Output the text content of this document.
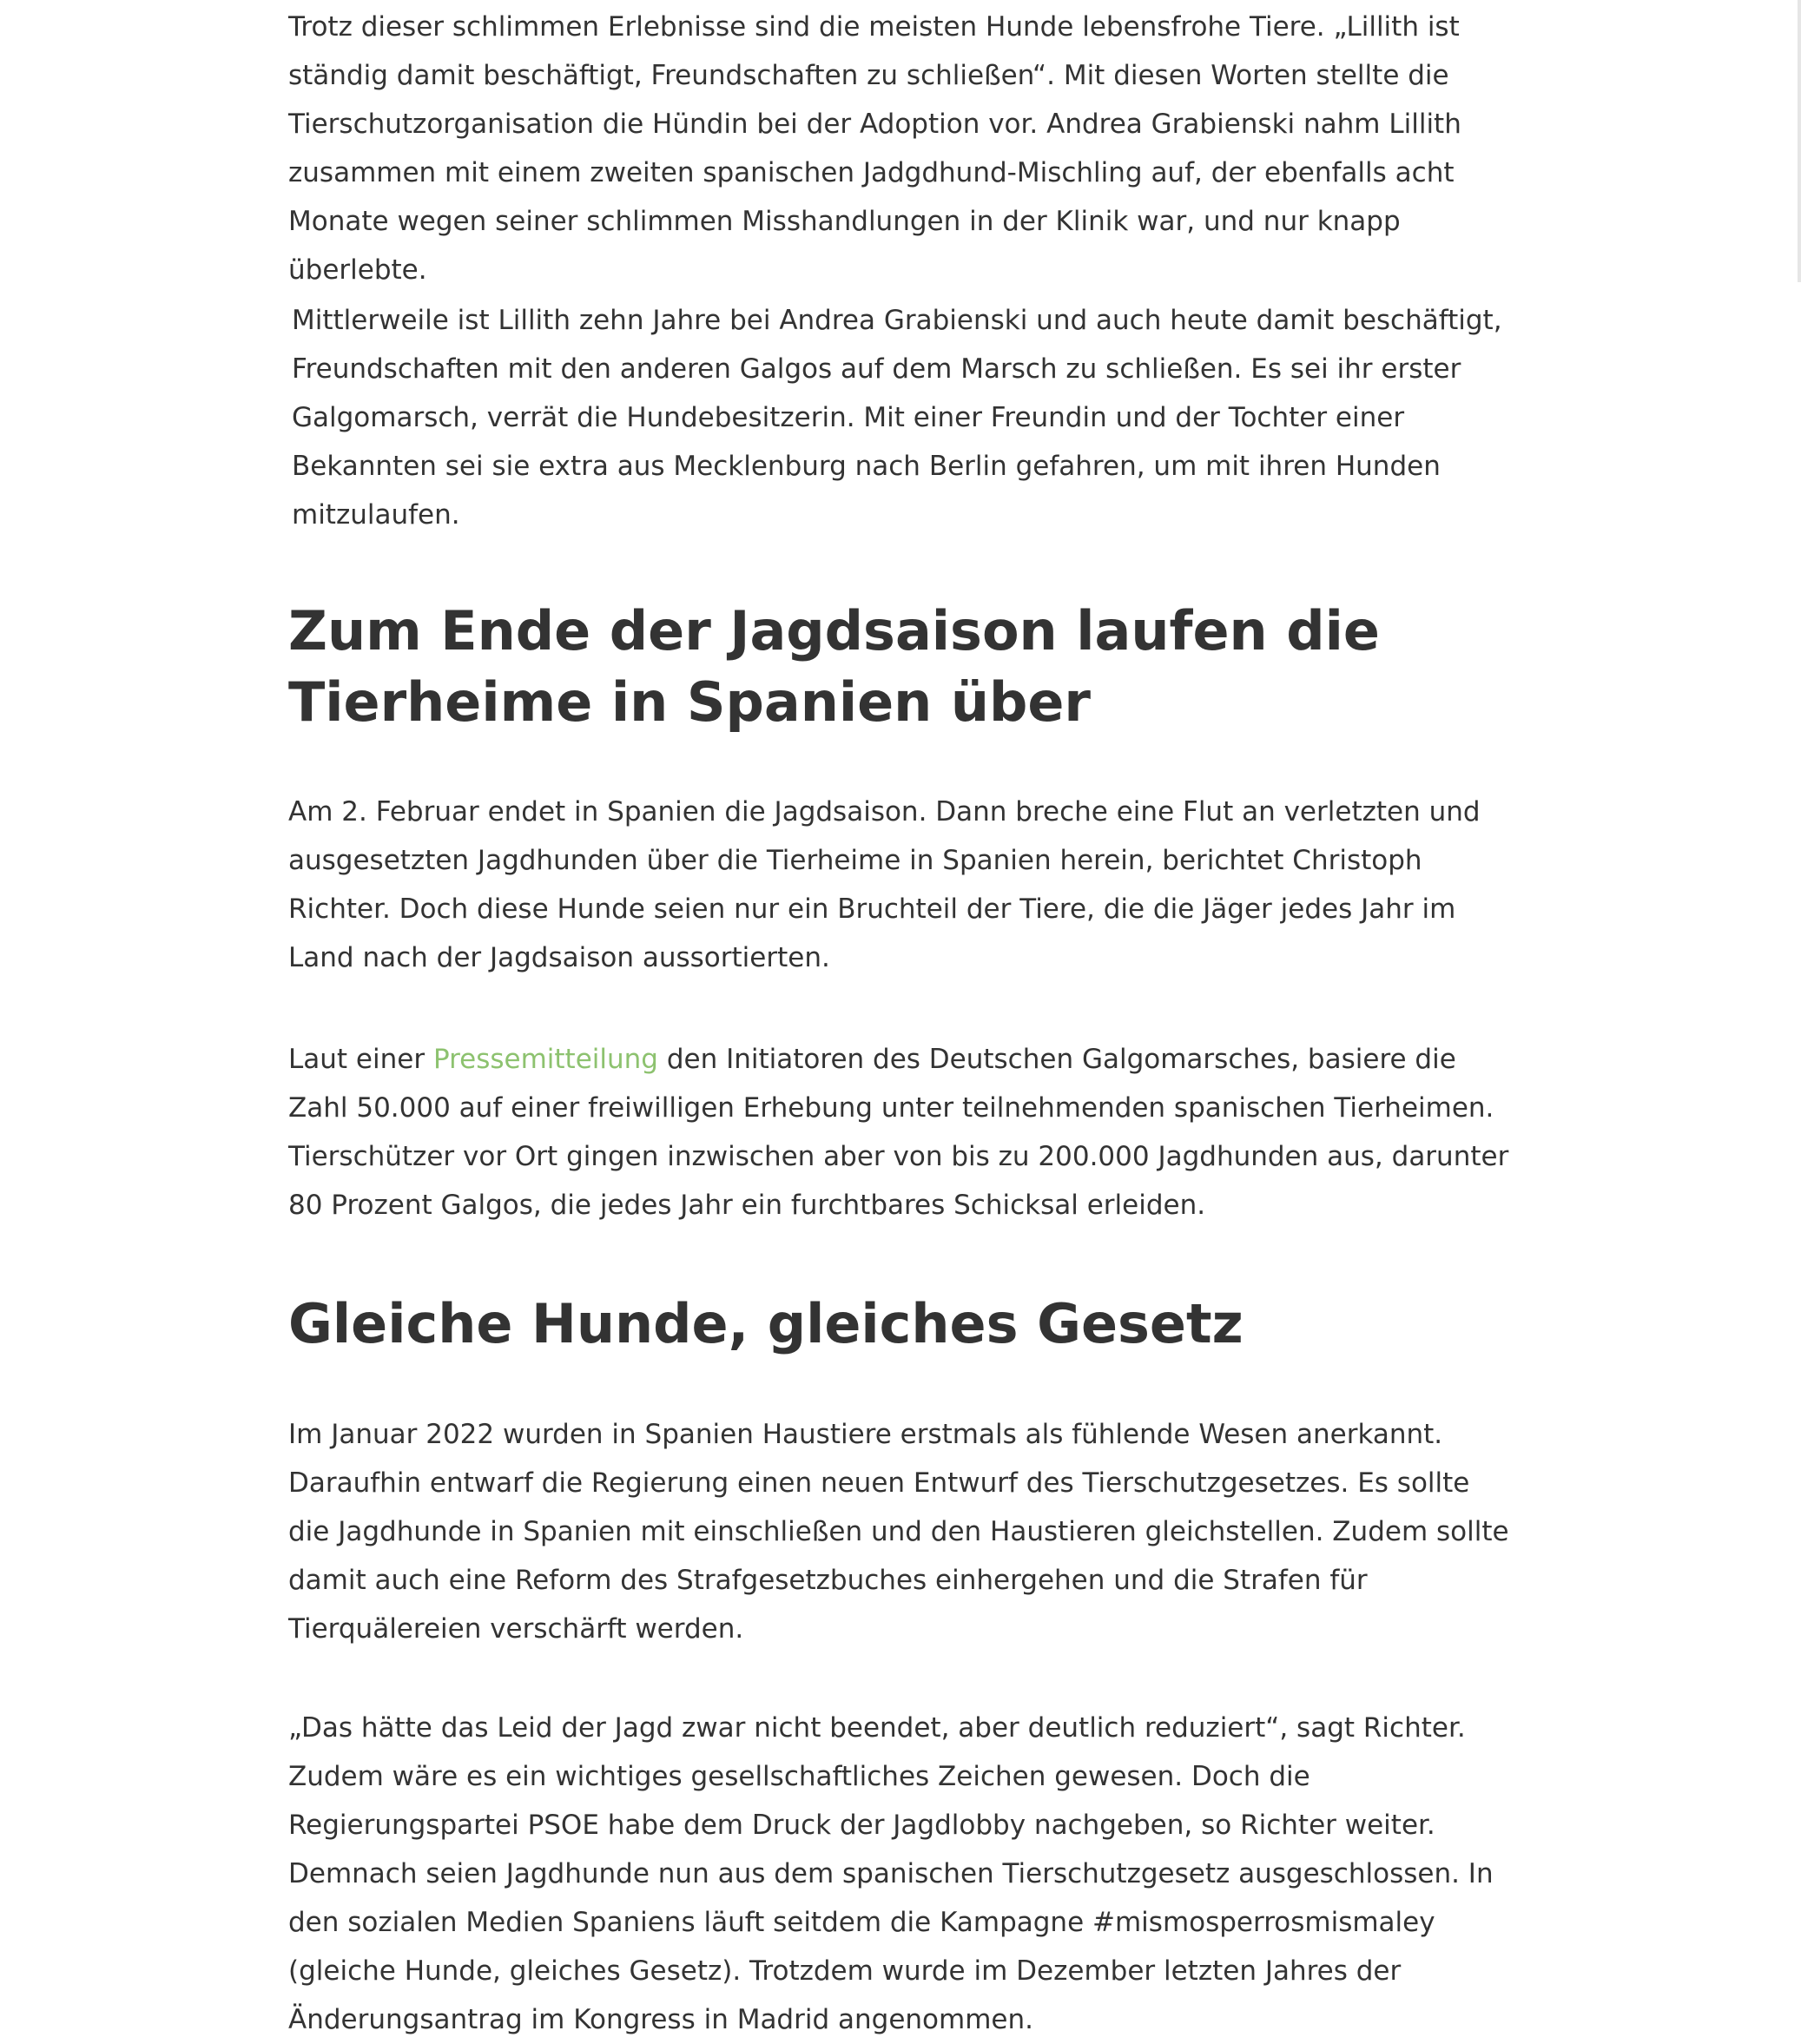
Trotz dieser schlimmen Erlebnisse sind die meisten Hunde lebensfrohe Tiere. „Lillith ist ständig damit beschäftigt, Freundschaften zu schließen“. Mit diesen Worten stellte die Tierschutzorganisation die Hündin bei der Adoption vor. Andrea Grabienski nahm Lillith zusammen mit einem zweiten spanischen Jadgdhund-Mischling auf, der ebenfalls acht Monate wegen seiner schlimmen Misshandlungen in der Klinik war, und nur knapp überlebte.

Mittlerweile ist Lillith zehn Jahre bei Andrea Grabienski und auch heute damit beschäftigt, Freundschaften mit den anderen Galgos auf dem Marsch zu schließen. Es sei ihr erster Galgomarsch, verrät die Hundebesitzerin. Mit einer Freundin und der Tochter einer Bekannten sei sie extra aus Mecklenburg nach Berlin gefahren, um mit ihren Hunden mitzulaufen.

Zum Ende der Jagdsaison laufen die Tierheime in Spanien über

Am 2. Februar endet in Spanien die Jagdsaison. Dann breche eine Flut an verletzten und ausgesetzten Jagdhunden über die Tierheime in Spanien herein, berichtet Christoph Richter. Doch diese Hunde seien nur ein Bruchteil der Tiere, die die Jäger jedes Jahr im Land nach der Jagdsaison aussortierten.

Laut einer Pressemitteilung den Initiatoren des Deutschen Galgomarsches, basiere die Zahl 50.000 auf einer freiwilligen Erhebung unter teilnehmenden spanischen Tierheimen. Tierschützer vor Ort gingen inzwischen aber von bis zu 200.000 Jagdhunden aus, darunter 80 Prozent Galgos, die jedes Jahr ein furchtbares Schicksal erleiden.

Gleiche Hunde, gleiches Gesetz

Im Januar 2022 wurden in Spanien Haustiere erstmals als fühlende Wesen anerkannt. Daraufhin entwarf die Regierung einen neuen Entwurf des Tierschutzgesetzes. Es sollte die Jagdhunde in Spanien mit einschließen und den Haustieren gleichstellen. Zudem sollte damit auch eine Reform des Strafgesetzbuches einhergehen und die Strafen für Tierquälereien verschärft werden.

„Das hätte das Leid der Jagd zwar nicht beendet, aber deutlich reduziert“, sagt Richter. Zudem wäre es ein wichtiges gesellschaftliches Zeichen gewesen. Doch die Regierungspartei PSOE habe dem Druck der Jagdlobby nachgeben, so Richter weiter. Demnach seien Jagdhunde nun aus dem spanischen Tierschutzgesetz ausgeschlossen. In den sozialen Medien Spaniens läuft seitdem die Kampagne #mismosperrosmismaley (gleiche Hunde, gleiches Gesetz). Trotzdem wurde im Dezember letzten Jahres der Änderungsantrag im Kongress in Madrid angenommen.
